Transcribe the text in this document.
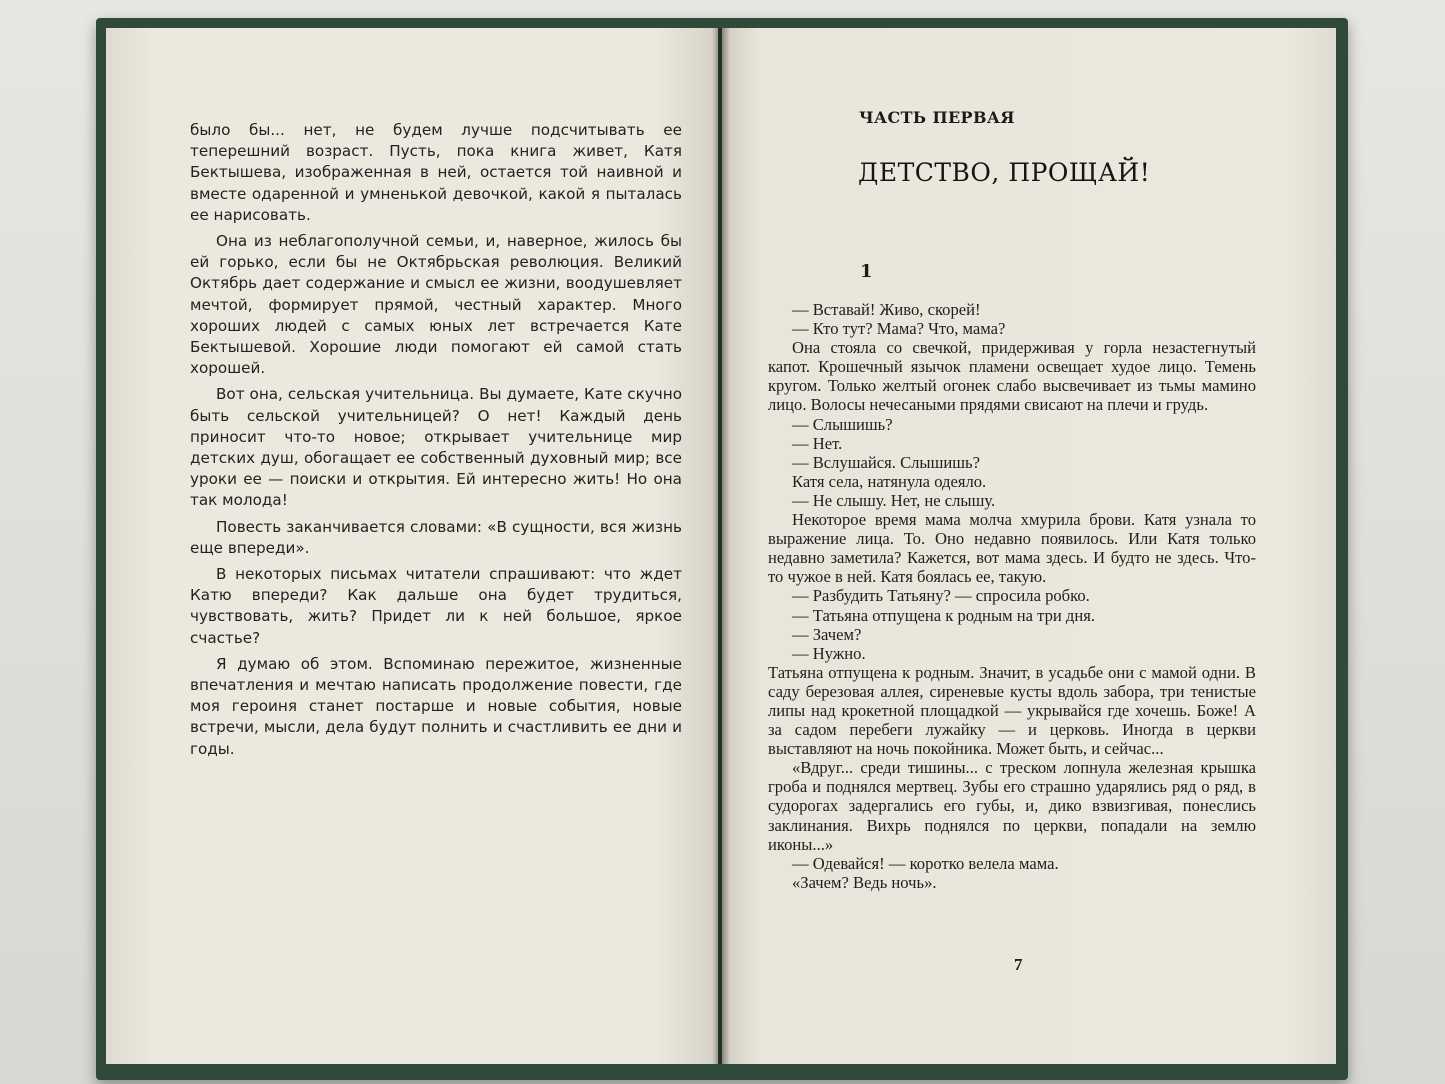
было бы... нет, не будем лучше подсчитывать ее теперешний возраст. Пусть, пока книга живет, Катя Бектышева, изображенная в ней, остается той наивной и вместе одаренной и умненькой девочкой, какой я пыталась ее нарисовать.

Она из неблагополучной семьи, и, наверное, жилось бы ей горько, если бы не Октябрьская революция. Великий Октябрь дает содержание и смысл ее жизни, воодушевляет мечтой, формирует прямой, честный характер. Много хороших людей с самых юных лет встречается Кате Бектышевой. Хорошие люди помогают ей самой стать хорошей.

Вот она, сельская учительница. Вы думаете, Кате скучно быть сельской учительницей? О нет! Каждый день приносит что-то новое; открывает учительнице мир детских душ, обогащает ее собственный духовный мир; все уроки ее — поиски и открытия. Ей интересно жить! Но она так молода!

Повесть заканчивается словами: «В сущности, вся жизнь еще впереди».

В некоторых письмах читатели спрашивают: что ждет Катю впереди? Как дальше она будет трудиться, чувствовать, жить? Придет ли к ней большое, яркое счастье?

Я думаю об этом. Вспоминаю пережитое, жизненные впечатления и мечтаю написать продолжение повести, где моя героиня станет постарше и новые события, новые встречи, мысли, дела будут полнить и счастливить ее дни и годы.

ЧАСТЬ ПЕРВАЯ
ДЕТСТВО, ПРОЩАЙ!
1

— Вставай! Живо, скорей!

— Кто тут? Мама? Что, мама?

Она стояла со свечкой, придерживая у горла незастегнутый капот. Крошечный язычок пламени освещает худое лицо. Темень кругом. Только желтый огонек слабо высвечивает из тьмы мамино лицо. Волосы нечесаными прядями свисают на плечи и грудь.

— Слышишь?

— Нет.

— Вслушайся. Слышишь?

Катя села, натянула одеяло.

— Не слышу. Нет, не слышу.

Некоторое время мама молча хмурила брови. Катя узнала то выражение лица. То. Оно недавно появилось. Или Катя только недавно заметила? Кажется, вот мама здесь. И будто не здесь. Что-то чужое в ней. Катя боялась ее, такую.

— Разбудить Татьяну? — спросила робко.

— Татьяна отпущена к родным на три дня.

— Зачем?

— Нужно.

Татьяна отпущена к родным. Значит, в усадьбе они с мамой одни. В саду березовая аллея, сиреневые кусты вдоль забора, три тенистые липы над крокетной площадкой — укрывайся где хочешь. Боже! А за садом перебеги лужайку — и церковь. Иногда в церкви выставляют на ночь покойника. Может быть, и сейчас...

«Вдруг... среди тишины... с треском лопнула железная крышка гроба и поднялся мертвец. Зубы его страшно ударялись ряд о ряд, в судорогах задергались его губы, и, дико взвизгивая, понеслись заклинания. Вихрь поднялся по церкви, попадали на землю иконы...»

— Одевайся! — коротко велела мама.

«Зачем? Ведь ночь».

7
